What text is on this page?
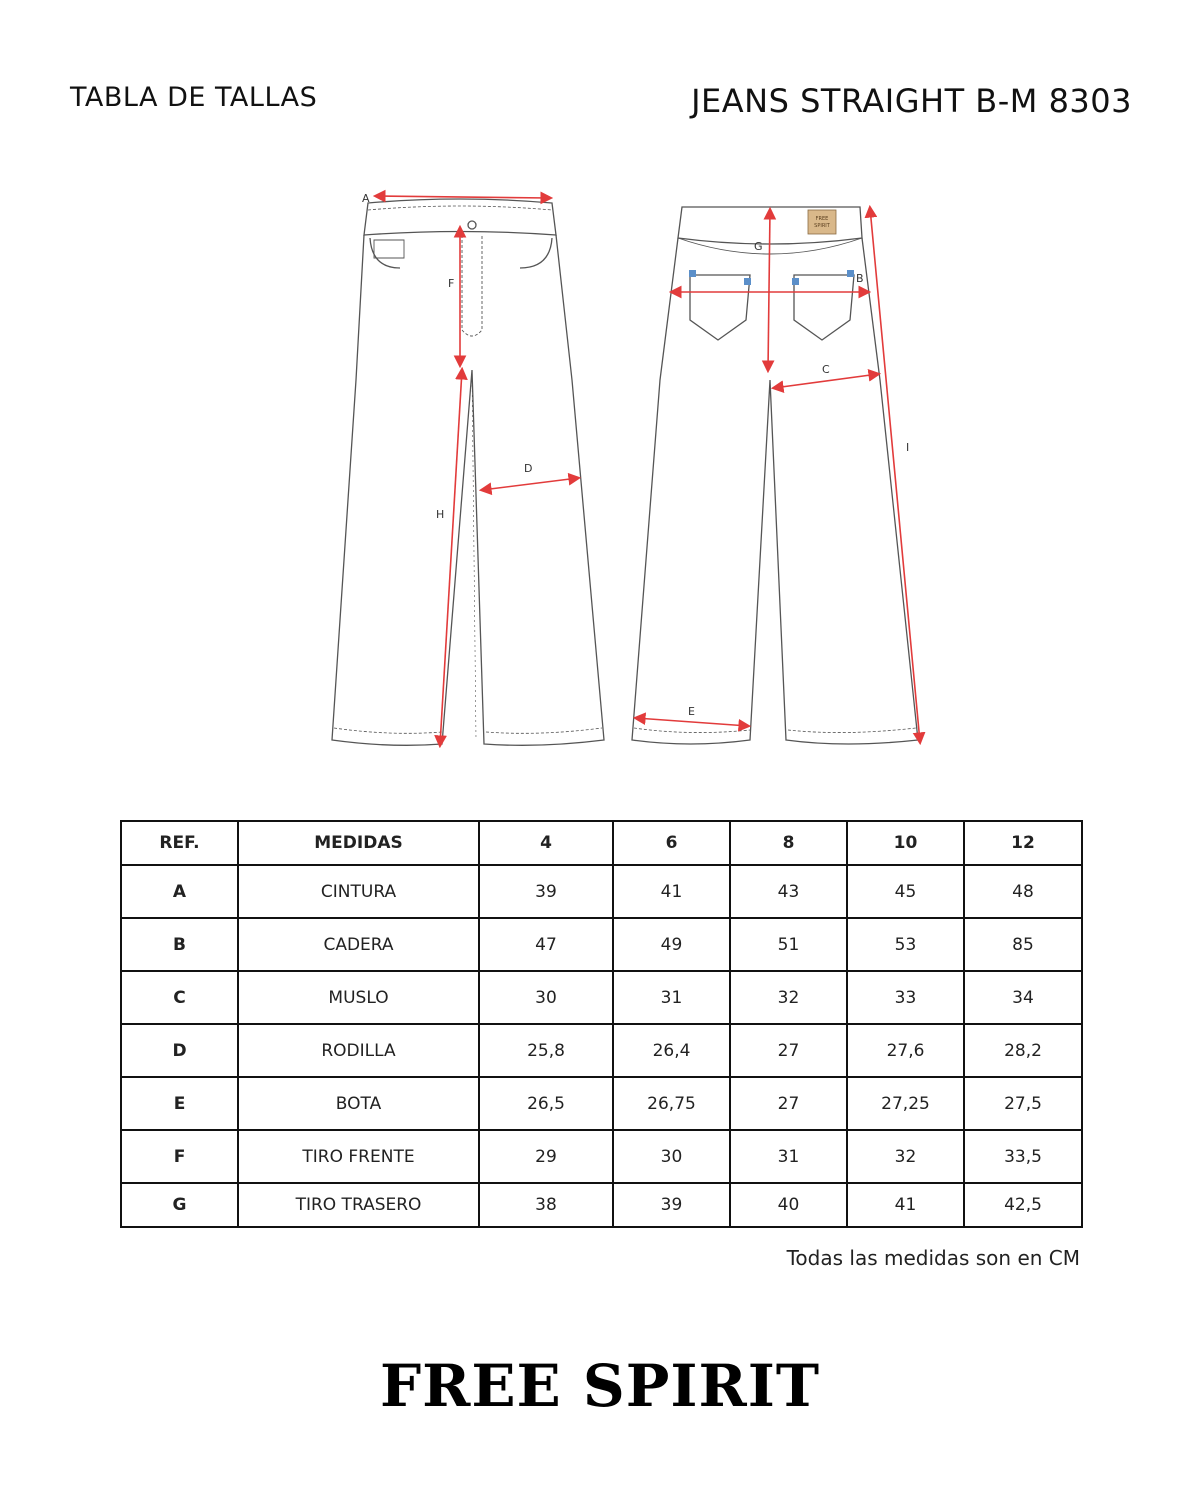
TABLA DE TALLAS	JEANS STRAIGHT B-M 8303
FREE
SPIRIT
A
F
H
D
G
B
C
I
E
REF.	MEDIDAS	4	6	8	10	12
A	CINTURA	39	41	43	45	48
B	CADERA	47	49	51	53	85
C	MUSLO	30	31	32	33	34
D	RODILLA	25,8	26,4	27	27,6	28,2
E	BOTA	26,5	26,75	27	27,25	27,5
F	TIRO FRENTE	29	30	31	32	33,5
G	TIRO TRASERO	38	39	40	41	42,5
Todas las medidas son en CM
FREE SPIRIT
